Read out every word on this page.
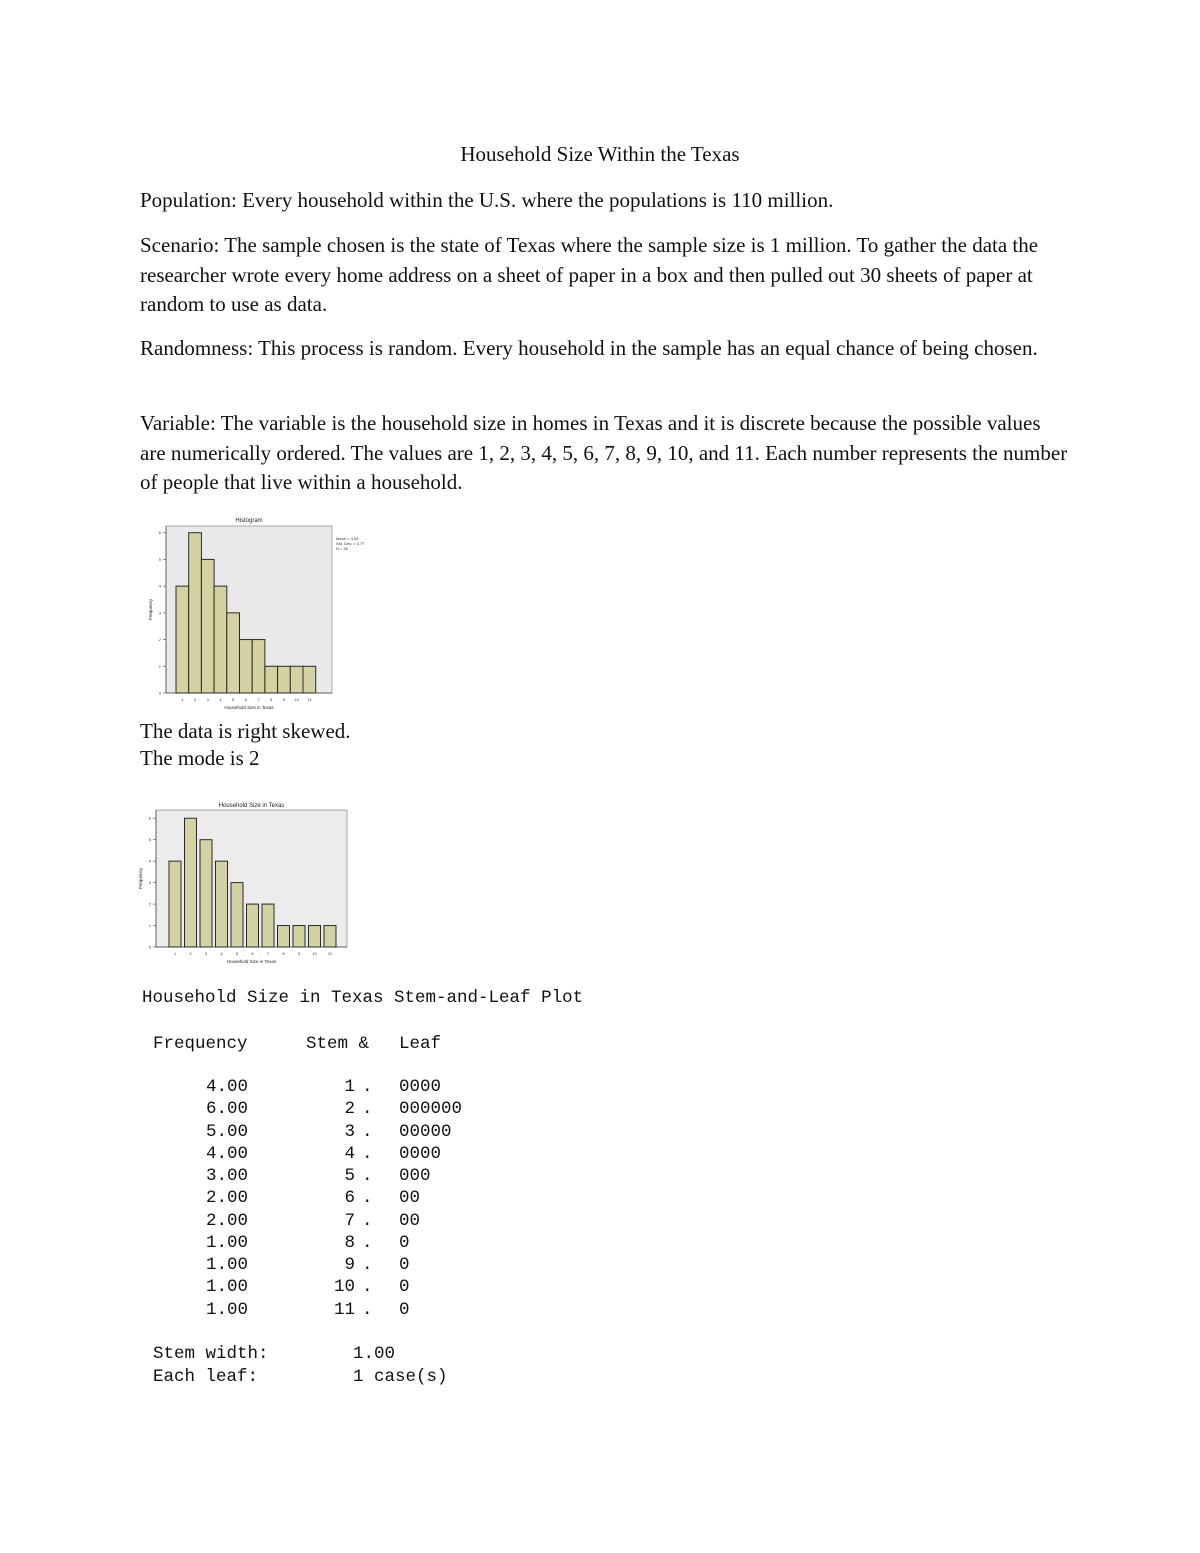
Household Size Within the Texas

Population: Every household within the U.S. where the populations is 110 million.

Scenario: The sample chosen is the state of Texas where the sample size is 1 million. To gather the data the researcher wrote every home address on a sheet of paper in a box and then pulled out 30 sheets of paper at random to use as data.

Randomness: This process is random. Every household in the sample has an equal chance of being chosen.

Variable: The variable is the household size in homes in Texas and it is discrete because the possible values are numerically ordered. The values are 1, 2, 3, 4, 5, 6, 7, 8, 9, 10, and 11. Each number represents the number of people that live within a household.

Histogram
0
1
2
3
4
5
6
1	2	3	4	5	6	7	8	9 10 11
Household Size in Texas
Frequency
Mean = 4.03
Std. Dev. = 2.77
N = 30

The data is right skewed.

The mode is 2

Household Size in Texas
0
1
2
3
4
5
6
1	2	3	4	5	6	7	8	9	10	11
Household Size in Texas
Frequency
Household Size in Texas Stem-and-Leaf Plot
Frequency	Stem & Leaf
4.00	1 . 0000
6.00	2 . 000000
5.00	3 . 00000
4.00	4 . 0000
3.00	5 . 000
2.00	6 . 00
2.00	7 . 00
1.00	8 . 0
1.00	9 . 0
1.00	10 . 0
1.00	11 . 0
Stem width:	1.00
Each leaf:	1 case(s)
